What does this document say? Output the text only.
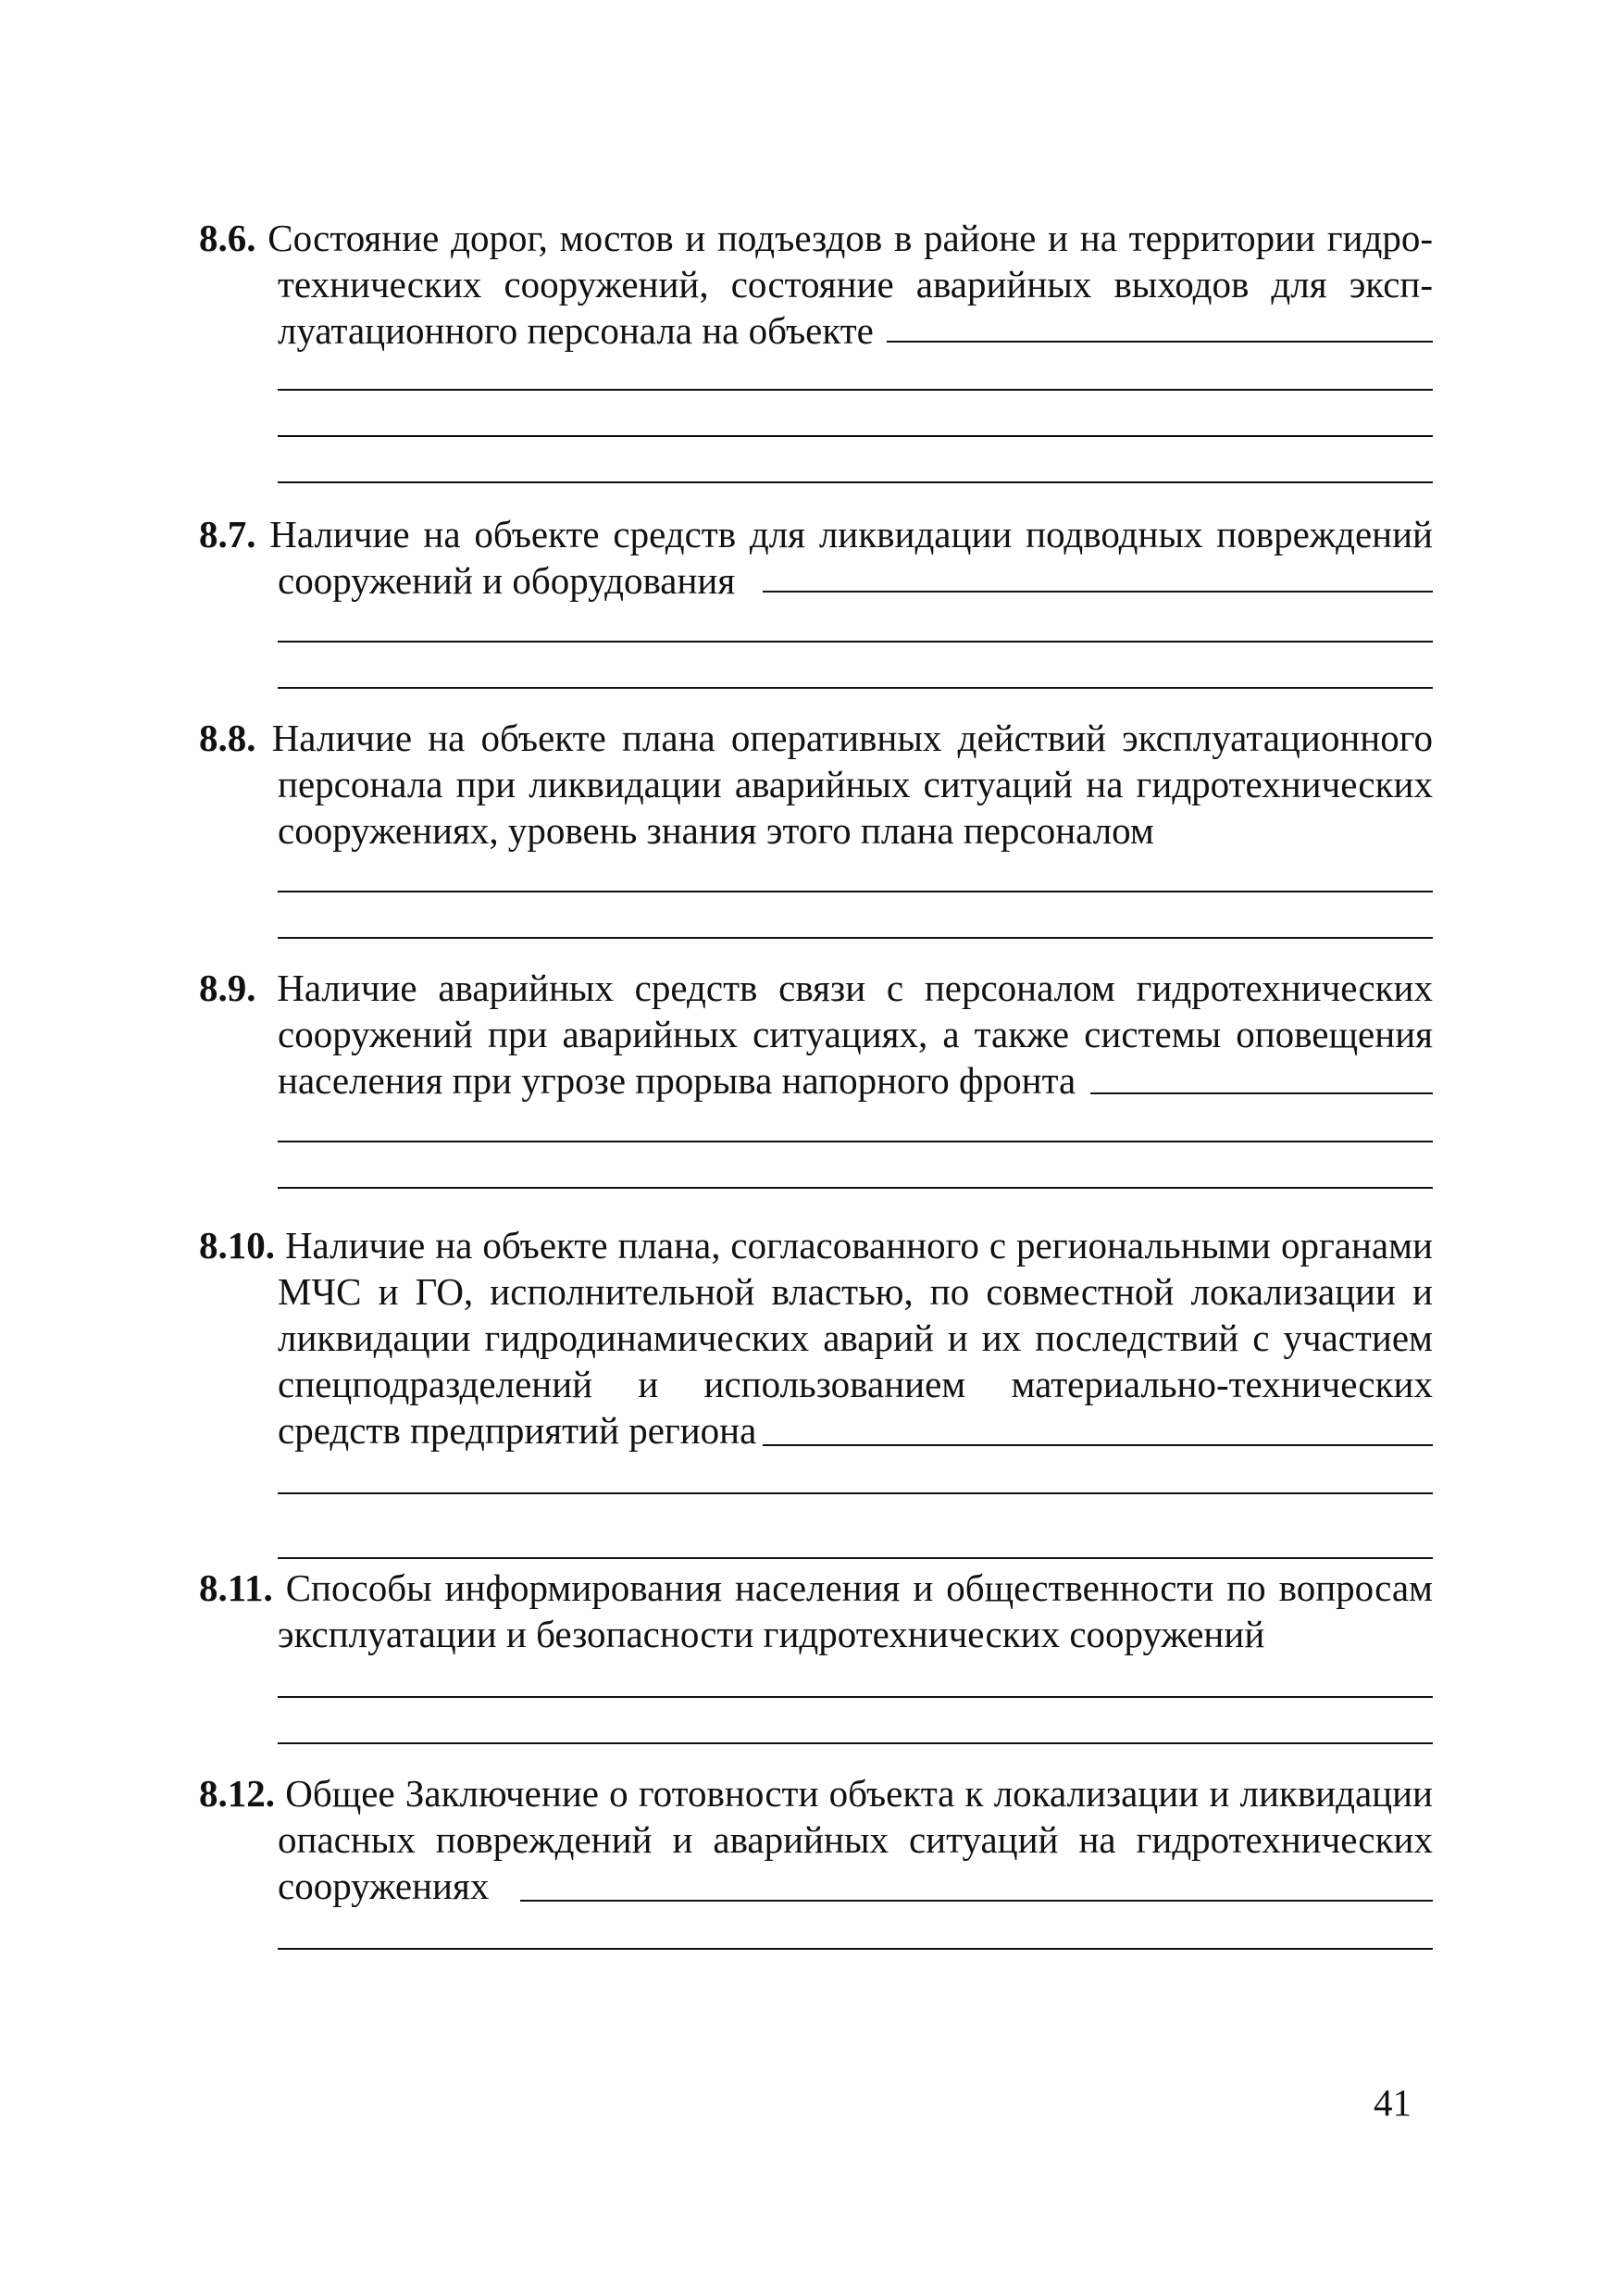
8.6. Состояние дорог, мостов и подъездов в районе и на территории гидро-
технических сооружений, состояние аварийных выходов для эксп-
луатационного персонала на объекте
8.7. Наличие на объекте средств для ликвидации подводных повреждений
сооружений и оборудования
8.8. Наличие на объекте плана оперативных действий эксплуатационного
персонала при ликвидации аварийных ситуаций на гидротехнических
сооружениях, уровень знания этого плана персоналом
8.9. Наличие аварийных средств связи с персоналом гидротехнических
сооружений при аварийных ситуациях, а также системы оповещения
населения при угрозе прорыва напорного фронта
8.10. Наличие на объекте плана, согласованного с региональными органами
МЧС и ГО, исполнительной властью, по совместной локализации и
ликвидации гидродинамических аварий и их последствий с участием
спецподразделений и использованием материально-технических
средств предприятий региона
8.11. Способы информирования населения и общественности по вопросам
эксплуатации и безопасности гидротехнических сооружений
8.12. Общее Заключение о готовности объекта к локализации и ликвидации
опасных повреждений и аварийных ситуаций на гидротехнических
сооружениях
41
